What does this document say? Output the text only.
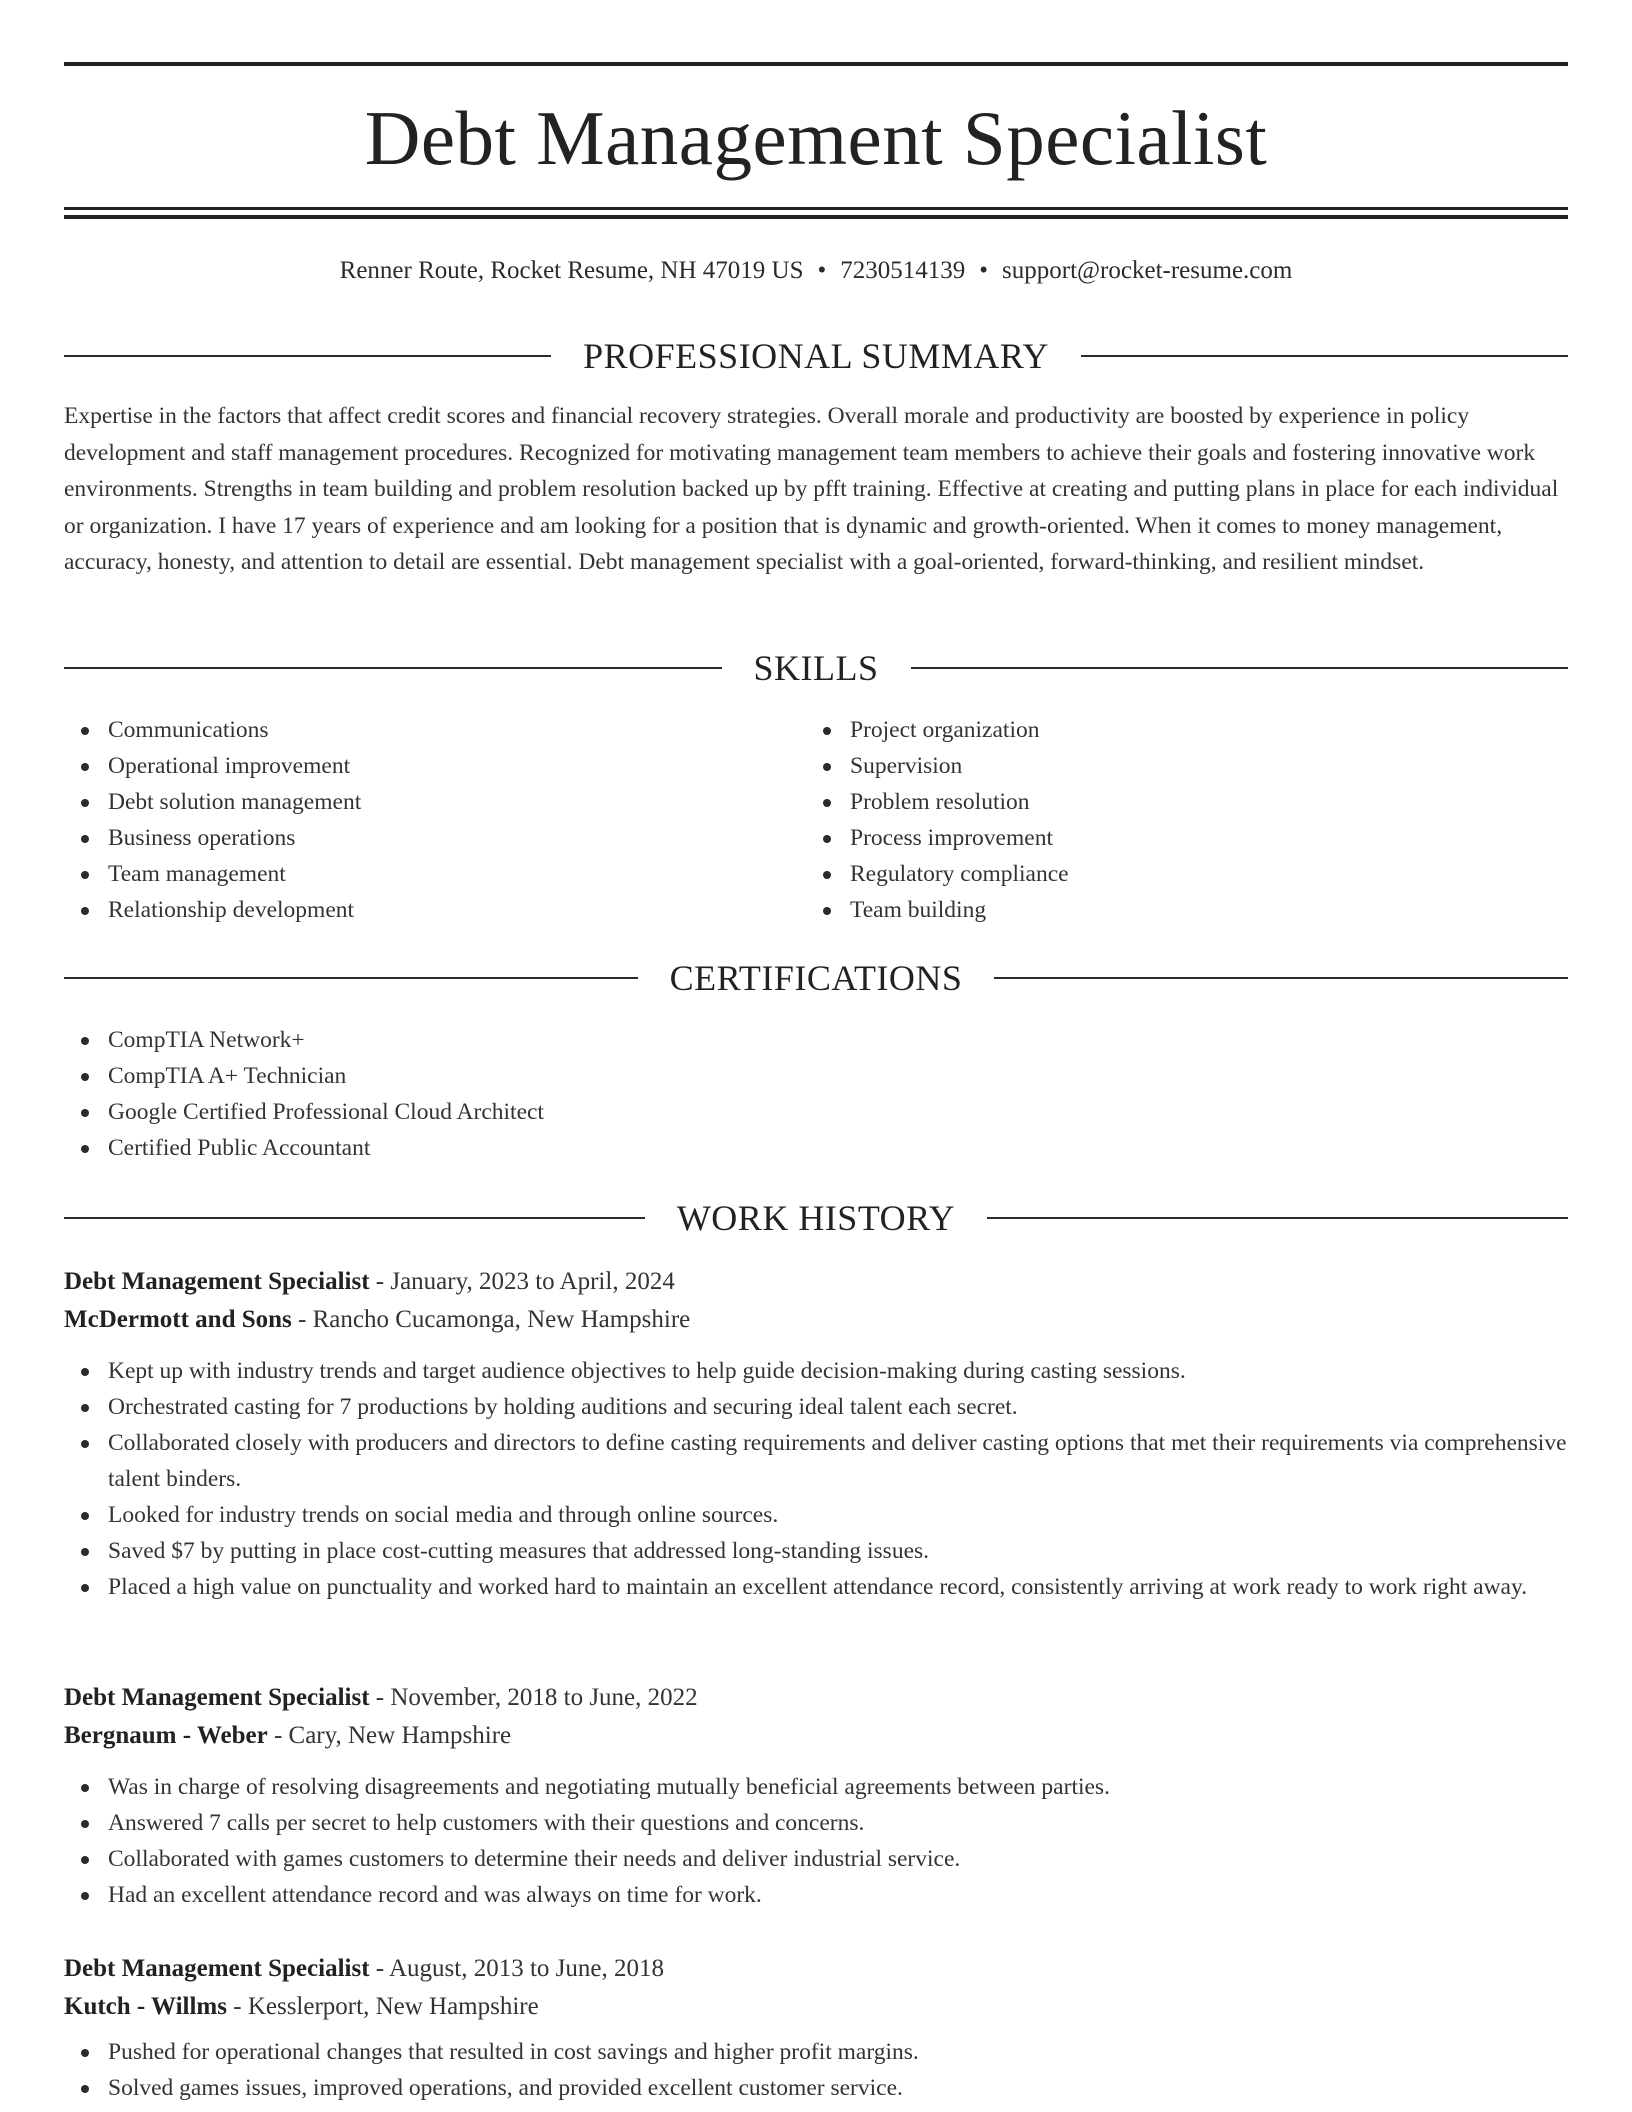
Debt Management Specialist
Renner Route, Rocket Resume, NH 47019 US • 7230514139 • support@rocket-resume.com
PROFESSIONAL SUMMARY

Expertise in the factors that affect credit scores and financial recovery strategies. Overall morale and productivity are boosted by experience in policy development and staff management procedures. Recognized for motivating management team members to achieve their goals and fostering innovative work environments. Strengths in team building and problem resolution backed up by pfft training. Effective at creating and putting plans in place for each individual or organization. I have 17 years of experience and am looking for a position that is dynamic and growth-oriented. When it comes to money management, accuracy, honesty, and attention to detail are essential. Debt management specialist with a goal-oriented, forward-thinking, and resilient mindset.

SKILLS
Communications
Operational improvement
Debt solution management
Business operations
Team management
Relationship development
Project organization
Supervision
Problem resolution
Process improvement
Regulatory compliance
Team building
CERTIFICATIONS
CompTIA Network+
CompTIA A+ Technician
Google Certified Professional Cloud Architect
Certified Public Accountant
WORK HISTORY
Debt Management Specialist - January, 2023 to April, 2024
McDermott and Sons - Rancho Cucamonga, New Hampshire
Kept up with industry trends and target audience objectives to help guide decision-making during casting sessions.
Orchestrated casting for 7 productions by holding auditions and securing ideal talent each secret.
Collaborated closely with producers and directors to define casting requirements and deliver casting options that met their requirements via comprehensive talent binders.
Looked for industry trends on social media and through online sources.
Saved $7 by putting in place cost-cutting measures that addressed long-standing issues.
Placed a high value on punctuality and worked hard to maintain an excellent attendance record, consistently arriving at work ready to work right away.
Debt Management Specialist - November, 2018 to June, 2022
Bergnaum - Weber - Cary, New Hampshire
Was in charge of resolving disagreements and negotiating mutually beneficial agreements between parties.
Answered 7 calls per secret to help customers with their questions and concerns.
Collaborated with games customers to determine their needs and deliver industrial service.
Had an excellent attendance record and was always on time for work.
Debt Management Specialist - August, 2013 to June, 2018
Kutch - Willms - Kesslerport, New Hampshire
Pushed for operational changes that resulted in cost savings and higher profit margins.
Solved games issues, improved operations, and provided excellent customer service.
